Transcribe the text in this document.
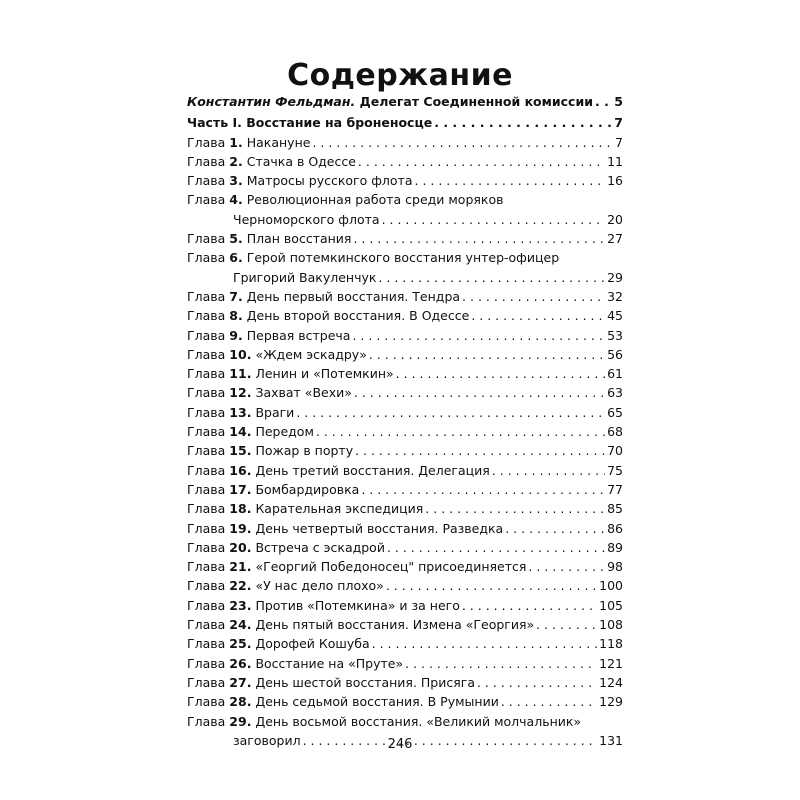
Содержание
Константин Фельдман. Делегат Соединенной комиссии . . . 5
Часть I. Восстание на броненосце . . .	7
Глава 1. Накануне . . .	7
Глава 2. Стачка в Одессе . . .	11
Глава 3. Матросы русского флота . . .	16
Глава 4. Революционная работа среди моряков
Черноморского флота . . .	20
Глава 5. План восстания . . .	27
Глава 6. Герой потемкинского восстания унтер-офицер
Григорий Вакуленчук . . .	29
Глава 7. День первый восстания. Тендра . . .	32
Глава 8. День второй восстания. В Одессе . . .	45
Глава 9. Первая встреча . . .	53
Глава 10. «Ждем эскадру» . . .	56
Глава 11. Ленин и «Потемкин» . . .	61
Глава 12. Захват «Вехи» . . .	63
Глава 13. Враги . . .	65
Глава 14. Передом . . .	68
Глава 15. Пожар в порту . . .	70
Глава 16. День третий восстания. Делегация . . .	75
Глава 17. Бомбардировка . . .	77
Глава 18. Карательная экспедиция . . .	85
Глава 19. День четвертый восстания. Разведка . . .	86
Глава 20. Встреча с эскадрой . . .	89
Глава 21. «Георгий Победоносец" присоединяется . . .	98
Глава 22. «У нас дело плохо» . . .	100
Глава 23. Против «Потемкина» и за него . . .	105
Глава 24. День пятый восстания. Измена «Георгия» . . .	108
Глава 25. Дорофей Кошуба . . .	118
Глава 26. Восстание на «Пруте» . . .	121
Глава 27. День шестой восстания. Присяга . . .	124
Глава 28. День седьмой восстания. В Румынии . . .	129
Глава 29. День восьмой восстания. «Великий молчальник»
заговорил . . .	131
246
